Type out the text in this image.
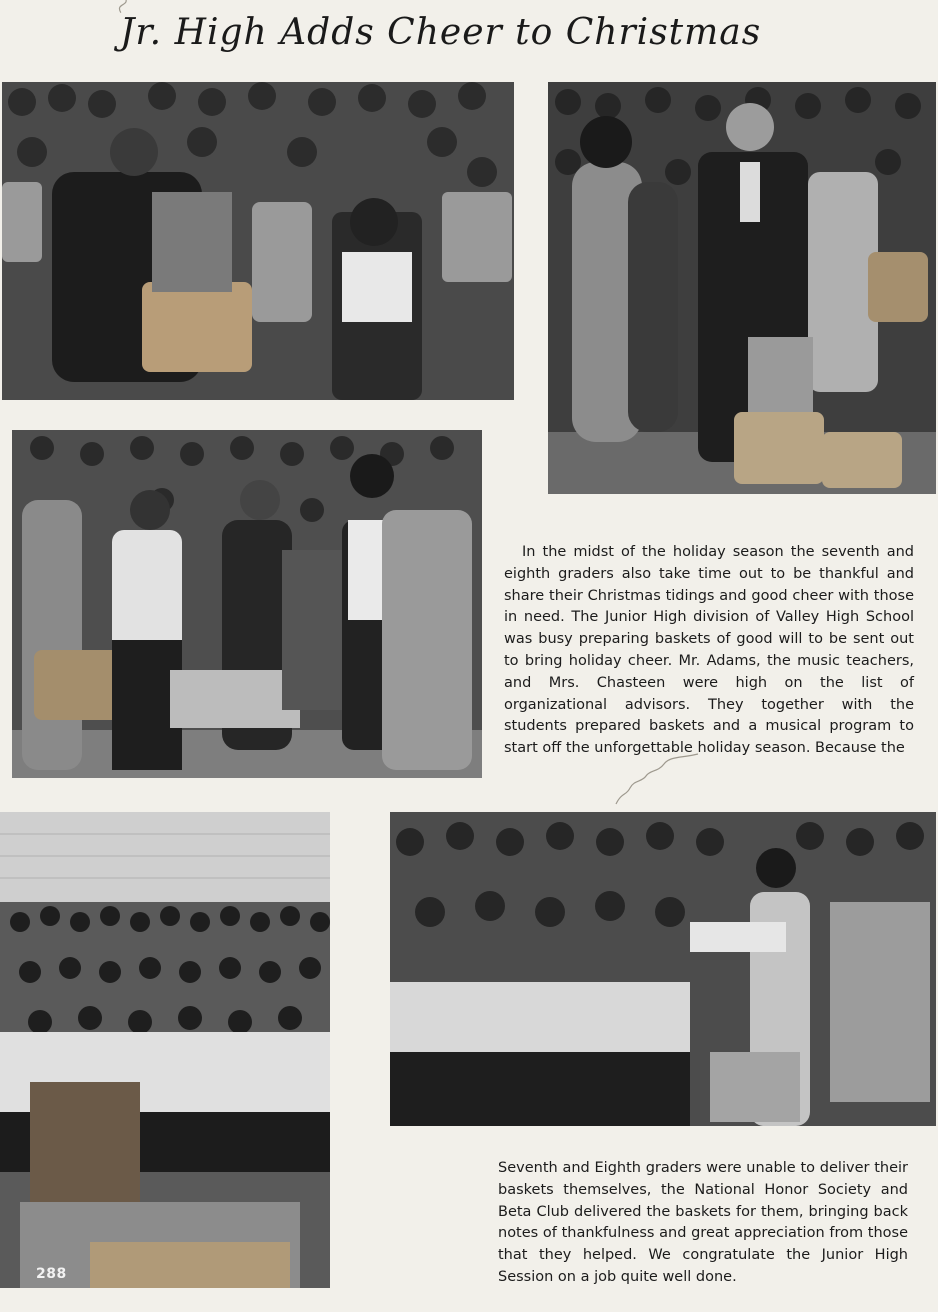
Jr. High Adds Cheer to Christmas

In the midst of the holiday season the seventh and eighth graders also take time out to be thankful and share their Christmas tidings and good cheer with those in need. The Junior High division of Valley High School was busy preparing baskets of good will to be sent out to bring holiday cheer. Mr. Adams, the music teachers, and Mrs. Chasteen were high on the list of organizational advisors. They together with the students prepared baskets and a musical program to start off the unforgettable holiday season. Because the

288

Seventh and Eighth graders were unable to deliver their baskets themselves, the National Honor Society and Beta Club delivered the baskets for them, bringing back notes of thankfulness and great appreciation from those that they helped. We congratulate the Junior High Session on a job quite well done.
